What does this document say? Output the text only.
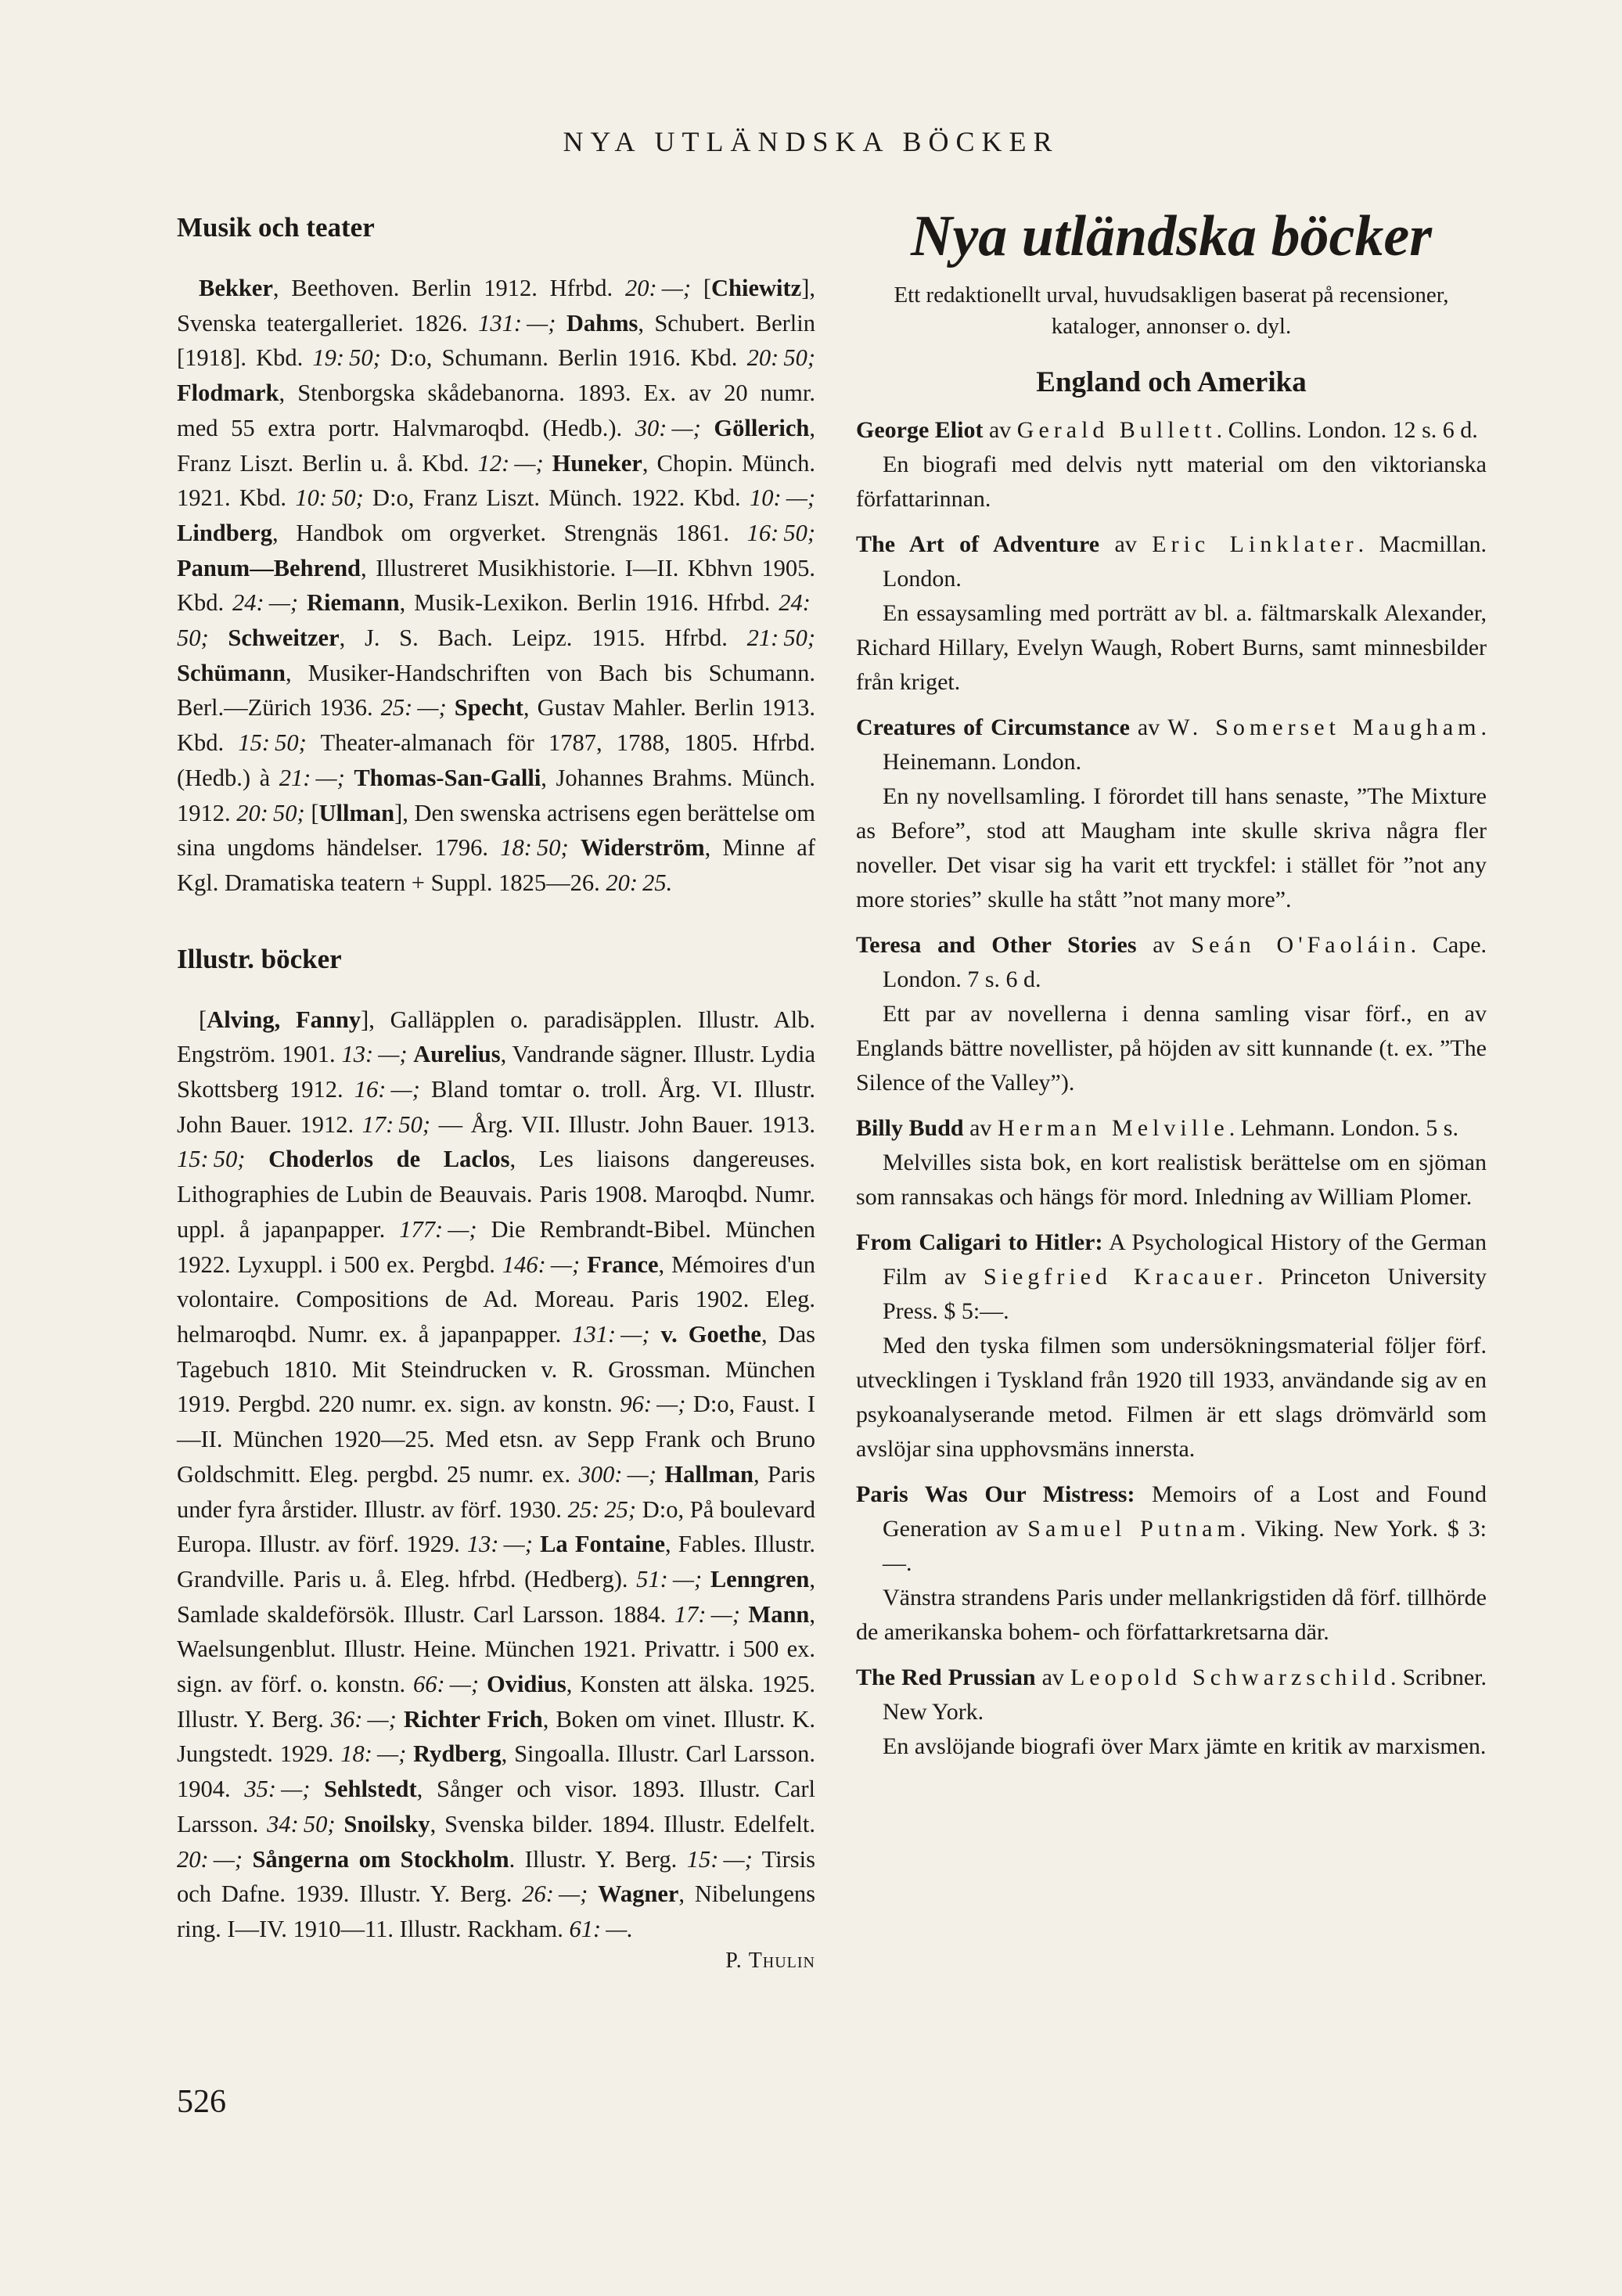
NYA UTLÄNDSKA BÖCKER
Musik och teater

Bekker, Beethoven. Berlin 1912. Hfrbd. 20: —; [Chiewitz], Svenska teatergalleriet. 1826. 131: —; Dahms, Schubert. Berlin [1918]. Kbd. 19: 50; D:o, Schumann. Berlin 1916. Kbd. 20: 50; Flodmark, Stenborgska skådebanorna. 1893. Ex. av 20 numr. med 55 extra portr. Halvmaroqbd. (Hedb.). 30: —; Göllerich, Franz Liszt. Berlin u. å. Kbd. 12: —; Huneker, Chopin. Münch. 1921. Kbd. 10: 50; D:o, Franz Liszt. Münch. 1922. Kbd. 10: —; Lindberg, Handbok om orgverket. Strengnäs 1861. 16: 50; Panum—Behrend, Illustreret Musikhistorie. I—II. Kbhvn 1905. Kbd. 24: —; Riemann, Musik-Lexikon. Berlin 1916. Hfrbd. 24: 50; Schweitzer, J. S. Bach. Leipz. 1915. Hfrbd. 21: 50; Schümann, Musiker-Handschriften von Bach bis Schumann. Berl.—Zürich 1936. 25: —; Specht, Gustav Mahler. Berlin 1913. Kbd. 15: 50; Theater-almanach för 1787, 1788, 1805. Hfrbd. (Hedb.) à 21: —; Thomas-San-Galli, Johannes Brahms. Münch. 1912. 20: 50; [Ullman], Den swenska actrisens egen berättelse om sina ungdoms händelser. 1796. 18: 50; Widerström, Minne af Kgl. Dramatiska teatern + Suppl. 1825—26. 20: 25.

Illustr. böcker

[Alving, Fanny], Galläpplen o. paradisäpplen. Illustr. Alb. Engström. 1901. 13: —; Aurelius, Vandrande sägner. Illustr. Lydia Skottsberg 1912. 16: —; Bland tomtar o. troll. Årg. VI. Illustr. John Bauer. 1912. 17: 50; — Årg. VII. Illustr. John Bauer. 1913. 15: 50; Choderlos de Laclos, Les liaisons dangereuses. Lithographies de Lubin de Beauvais. Paris 1908. Maroqbd. Numr. uppl. å japanpapper. 177: —; Die Rembrandt-Bibel. München 1922. Lyxuppl. i 500 ex. Pergbd. 146: —; France, Mémoires d'un volontaire. Compositions de Ad. Moreau. Paris 1902. Eleg. helmaroqbd. Numr. ex. å japanpapper. 131: —; v. Goethe, Das Tagebuch 1810. Mit Steindrucken v. R. Grossman. München 1919. Pergbd. 220 numr. ex. sign. av konstn. 96: —; D:o, Faust. I—II. München 1920—25. Med etsn. av Sepp Frank och Bruno Goldschmitt. Eleg. pergbd. 25 numr. ex. 300: —; Hallman, Paris under fyra årstider. Illustr. av förf. 1930. 25: 25; D:o, På boulevard Europa. Illustr. av förf. 1929. 13: —; La Fontaine, Fables. Illustr. Grandville. Paris u. å. Eleg. hfrbd. (Hedberg). 51: —; Lenngren, Samlade skaldeförsök. Illustr. Carl Larsson. 1884. 17: —; Mann, Waelsungenblut. Illustr. Heine. München 1921. Privattr. i 500 ex. sign. av förf. o. konstn. 66: —; Ovidius, Konsten att älska. 1925. Illustr. Y. Berg. 36: —; Richter Frich, Boken om vinet. Illustr. K. Jungstedt. 1929. 18: —; Rydberg, Singoalla. Illustr. Carl Larsson. 1904. 35: —; Sehlstedt, Sånger och visor. 1893. Illustr. Carl Larsson. 34: 50; Snoilsky, Svenska bilder. 1894. Illustr. Edelfelt. 20: —; Sångerna om Stockholm. Illustr. Y. Berg. 15: —; Tirsis och Dafne. 1939. Illustr. Y. Berg. 26: —; Wagner, Nibelungens ring. I—IV. 1910—11. Illustr. Rackham. 61: —.

P. Thulin
526
Nya utländska böcker

Ett redaktionellt urval, huvudsakligen baserat på recensioner, kataloger, annonser o. dyl.

England och Amerika

George Eliot av Gerald Bullett. Collins. London. 12 s. 6 d.

En biografi med delvis nytt material om den viktorianska författarinnan.

The Art of Adventure av Eric Linklater. Macmillan. London.

En essaysamling med porträtt av bl. a. fältmarskalk Alexander, Richard Hillary, Evelyn Waugh, Robert Burns, samt minnesbilder från kriget.

Creatures of Circumstance av W. Somerset Maugham. Heinemann. London.

En ny novellsamling. I förordet till hans senaste, ”The Mixture as Before”, stod att Maugham inte skulle skriva några fler noveller. Det visar sig ha varit ett tryckfel: i stället för ”not any more stories” skulle ha stått ”not many more”.

Teresa and Other Stories av Seán O'Faoláin. Cape. London. 7 s. 6 d.

Ett par av novellerna i denna samling visar förf., en av Englands bättre novellister, på höjden av sitt kunnande (t. ex. ”The Silence of the Valley”).

Billy Budd av Herman Melville. Lehmann. London. 5 s.

Melvilles sista bok, en kort realistisk berättelse om en sjöman som rannsakas och hängs för mord. Inledning av William Plomer.

From Caligari to Hitler: A Psychological History of the German Film av Siegfried Kracauer. Princeton University Press. $ 5:—.

Med den tyska filmen som undersökningsmaterial följer förf. utvecklingen i Tyskland från 1920 till 1933, användande sig av en psykoanalyserande metod. Filmen är ett slags drömvärld som avslöjar sina upphovsmäns innersta.

Paris Was Our Mistress: Memoirs of a Lost and Found Generation av Samuel Putnam. Viking. New York. $ 3:—.

Vänstra strandens Paris under mellankrigstiden då förf. tillhörde de amerikanska bohem- och författarkretsarna där.

The Red Prussian av Leopold Schwarzschild. Scribner. New York.

En avslöjande biografi över Marx jämte en kritik av marxismen.
